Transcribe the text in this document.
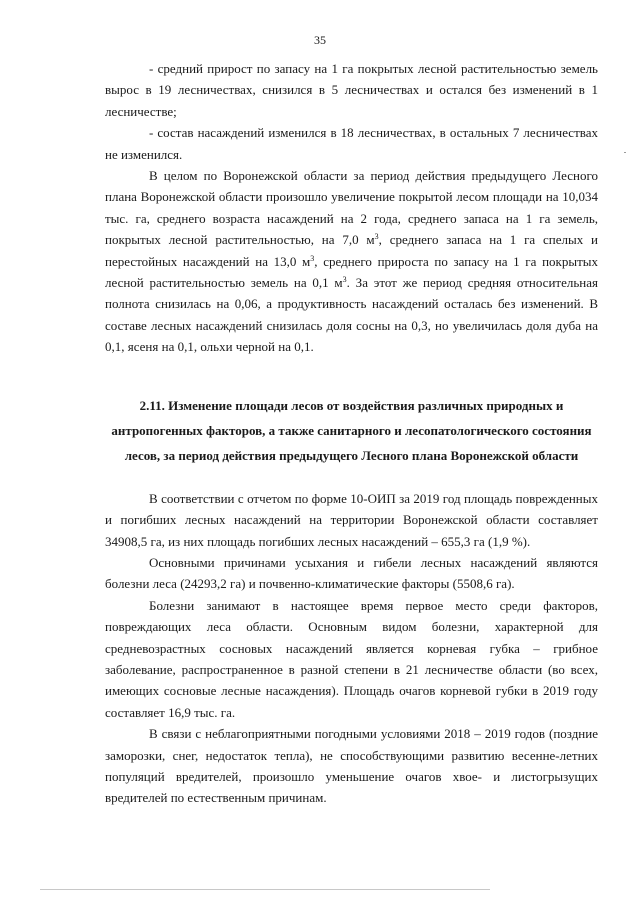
35

- средний прирост по запасу на 1 га покрытых лесной растительностью земель вырос в 19 лесничествах, снизился в 5 лесничествах и остался без изменений в 1 лесничестве;

- состав насаждений изменился в 18 лесничествах, в остальных 7 лесничествах не изменился.

В целом по Воронежской области за период действия предыдущего Лесного плана Воронежской области произошло увеличение покрытой лесом площади на 10,034 тыс. га, среднего возраста насаждений на 2 года, среднего запаса на 1 га земель, покрытых лесной растительностью, на 7,0 $м^3$, среднего запаса на 1 га спелых и перестойных насаждений на 13,0 $м^3$, среднего прироста по запасу на 1 га покрытых лесной растительностью земель на 0,1 $м^3$. За этот же период средняя относительная полнота снизилась на 0,06, а продуктивность насаждений осталась без изменений. В составе лесных насаждений снизилась доля сосны на 0,3, но увеличилась доля дуба на 0,1, ясеня на 0,1, ольхи черной на 0,1.

2.11. Изменение площади лесов от воздействия различных природных и антропогенных факторов, а также санитарного и лесопатологического состояния лесов, за период действия предыдущего Лесного плана Воронежской области

В соответствии с отчетом по форме 10-ОИП за 2019 год площадь поврежденных и погибших лесных насаждений на территории Воронежской области составляет 34908,5 га, из них площадь погибших лесных насаждений – 655,3 га (1,9 %).

Основными причинами усыхания и гибели лесных насаждений являются болезни леса (24293,2 га) и почвенно-климатические факторы (5508,6 га).

Болезни занимают в настоящее время первое место среди факторов, повреждающих леса области. Основным видом болезни, характерной для средневозрастных сосновых насаждений является корневая губка – грибное заболевание, распространенное в разной степени в 21 лесничестве области (во всех, имеющих сосновые лесные насаждения). Площадь очагов корневой губки в 2019 году составляет 16,9 тыс. га.

В связи с неблагоприятными погодными условиями 2018 – 2019 годов (поздние заморозки, снег, недостаток тепла), не способствующими развитию весенне-летних популяций вредителей, произошло уменьшение очагов хвое- и листогрызущих вредителей по естественным причинам.
